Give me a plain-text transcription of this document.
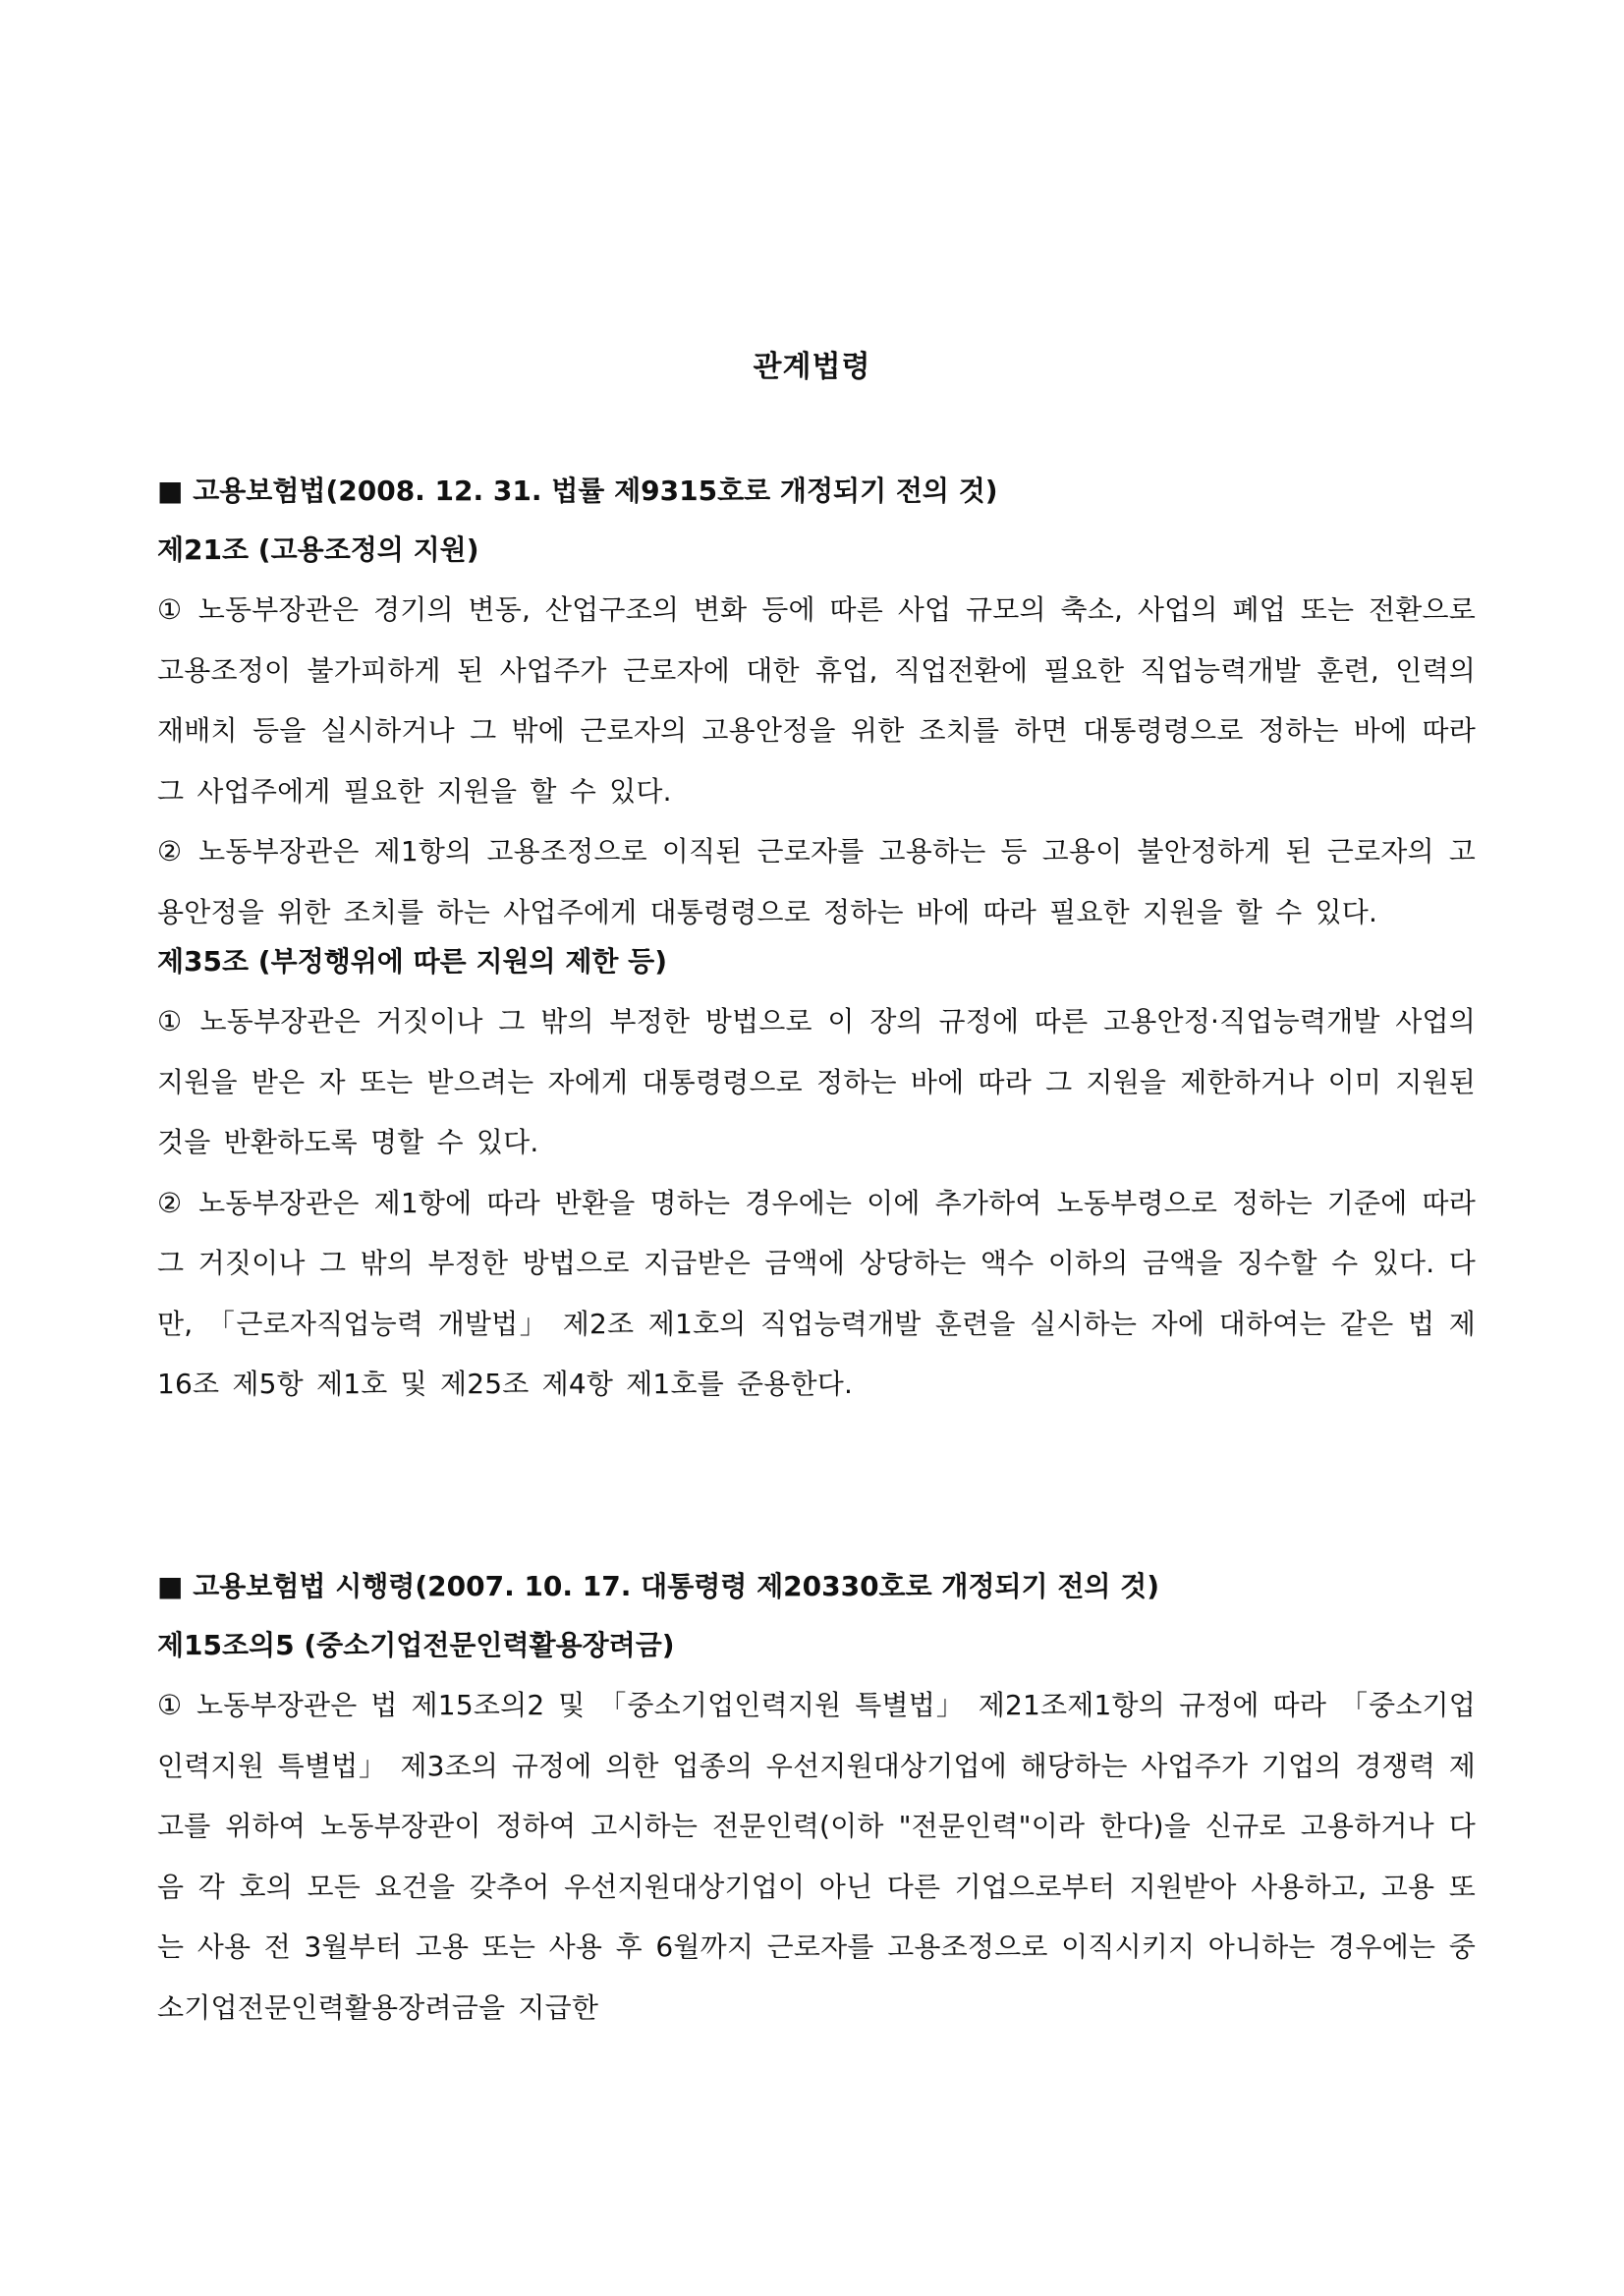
관계법령
■ 고용보험법(2008. 12. 31. 법률 제9315호로 개정되기 전의 것)
제21조 (고용조정의 지원)

① 노동부장관은 경기의 변동, 산업구조의 변화 등에 따른 사업 규모의 축소, 사업의 폐업 또는 전환으로 고용조정이 불가피하게 된 사업주가 근로자에 대한 휴업, 직업전환에 필요한 직업능력개발 훈련, 인력의 재배치 등을 실시하거나 그 밖에 근로자의 고용안정을 위한 조치를 하면 대통령령으로 정하는 바에 따라 그 사업주에게 필요한 지원을 할 수 있다.

② 노동부장관은 제1항의 고용조정으로 이직된 근로자를 고용하는 등 고용이 불안정하게 된 근로자의 고용안정을 위한 조치를 하는 사업주에게 대통령령으로 정하는 바에 따라 필요한 지원을 할 수 있다.

제35조 (부정행위에 따른 지원의 제한 등)

① 노동부장관은 거짓이나 그 밖의 부정한 방법으로 이 장의 규정에 따른 고용안정·직업능력개발 사업의 지원을 받은 자 또는 받으려는 자에게 대통령령으로 정하는 바에 따라 그 지원을 제한하거나 이미 지원된 것을 반환하도록 명할 수 있다.

② 노동부장관은 제1항에 따라 반환을 명하는 경우에는 이에 추가하여 노동부령으로 정하는 기준에 따라 그 거짓이나 그 밖의 부정한 방법으로 지급받은 금액에 상당하는 액수 이하의 금액을 징수할 수 있다. 다만, 「근로자직업능력 개발법」 제2조 제1호의 직업능력개발 훈련을 실시하는 자에 대하여는 같은 법 제16조 제5항 제1호 및 제25조 제4항 제1호를 준용한다.

■ 고용보험법 시행령(2007. 10. 17. 대통령령 제20330호로 개정되기 전의 것)
제15조의5 (중소기업전문인력활용장려금)

① 노동부장관은 법 제15조의2 및 「중소기업인력지원 특별법」 제21조제1항의 규정에 따라 「중소기업인력지원 특별법」 제3조의 규정에 의한 업종의 우선지원대상기업에 해당하는 사업주가 기업의 경쟁력 제고를 위하여 노동부장관이 정하여 고시하는 전문인력(이하 "전문인력"이라 한다)을 신규로 고용하거나 다음 각 호의 모든 요건을 갖추어 우선지원대상기업이 아닌 다른 기업으로부터 지원받아 사용하고, 고용 또는 사용 전 3월부터 고용 또는 사용 후 6월까지 근로자를 고용조정으로 이직시키지 아니하는 경우에는 중소기업전문인력활용장려금을 지급한
